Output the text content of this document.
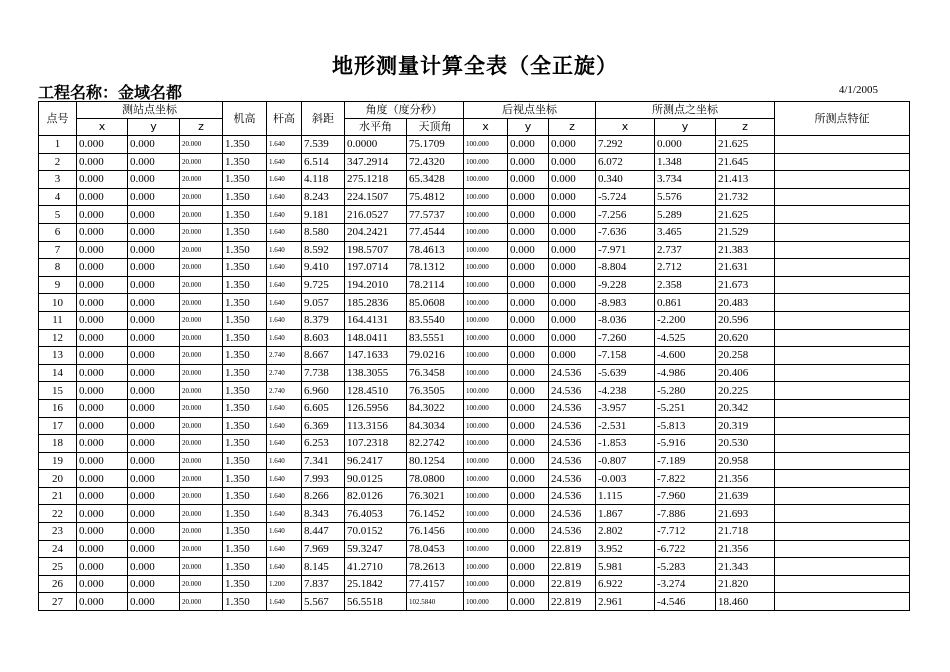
地形测量计算全表（全正旋）
工程名称：金域名都	4/1/2005
点号	测站点坐标			机高	杆高	斜距	角度（度分秒）		后视点坐标			所测点之坐标			所测点特征
	x	y	z				水平角	天顶角	x	y	z	x	y	z	
1	0.000	0.000	20.000	1.350	1.640	7.539	0.0000	75.1709	100.000	0.000	0.000	7.292	0.000	21.625	
2	0.000	0.000	20.000	1.350	1.640	6.514	347.2914	72.4320	100.000	0.000	0.000	6.072	1.348	21.645	
3	0.000	0.000	20.000	1.350	1.640	4.118	275.1218	65.3428	100.000	0.000	0.000	0.340	3.734	21.413	
4	0.000	0.000	20.000	1.350	1.640	8.243	224.1507	75.4812	100.000	0.000	0.000	-5.724	5.576	21.732	
5	0.000	0.000	20.000	1.350	1.640	9.181	216.0527	77.5737	100.000	0.000	0.000	-7.256	5.289	21.625	
6	0.000	0.000	20.000	1.350	1.640	8.580	204.2421	77.4544	100.000	0.000	0.000	-7.636	3.465	21.529	
7	0.000	0.000	20.000	1.350	1.640	8.592	198.5707	78.4613	100.000	0.000	0.000	-7.971	2.737	21.383	
8	0.000	0.000	20.000	1.350	1.640	9.410	197.0714	78.1312	100.000	0.000	0.000	-8.804	2.712	21.631	
9	0.000	0.000	20.000	1.350	1.640	9.725	194.2010	78.2114	100.000	0.000	0.000	-9.228	2.358	21.673	
10	0.000	0.000	20.000	1.350	1.640	9.057	185.2836	85.0608	100.000	0.000	0.000	-8.983	0.861	20.483	
11	0.000	0.000	20.000	1.350	1.640	8.379	164.4131	83.5540	100.000	0.000	0.000	-8.036	-2.200	20.596	
12	0.000	0.000	20.000	1.350	1.640	8.603	148.0411	83.5551	100.000	0.000	0.000	-7.260	-4.525	20.620	
13	0.000	0.000	20.000	1.350	2.740	8.667	147.1633	79.0216	100.000	0.000	0.000	-7.158	-4.600	20.258	
14	0.000	0.000	20.000	1.350	2.740	7.738	138.3055	76.3458	100.000	0.000	24.536	-5.639	-4.986	20.406	
15	0.000	0.000	20.000	1.350	2.740	6.960	128.4510	76.3505	100.000	0.000	24.536	-4.238	-5.280	20.225	
16	0.000	0.000	20.000	1.350	1.640	6.605	126.5956	84.3022	100.000	0.000	24.536	-3.957	-5.251	20.342	
17	0.000	0.000	20.000	1.350	1.640	6.369	113.3156	84.3034	100.000	0.000	24.536	-2.531	-5.813	20.319	
18	0.000	0.000	20.000	1.350	1.640	6.253	107.2318	82.2742	100.000	0.000	24.536	-1.853	-5.916	20.530	
19	0.000	0.000	20.000	1.350	1.640	7.341	96.2417	80.1254	100.000	0.000	24.536	-0.807	-7.189	20.958	
20	0.000	0.000	20.000	1.350	1.640	7.993	90.0125	78.0800	100.000	0.000	24.536	-0.003	-7.822	21.356	
21	0.000	0.000	20.000	1.350	1.640	8.266	82.0126	76.3021	100.000	0.000	24.536	1.115	-7.960	21.639	
22	0.000	0.000	20.000	1.350	1.640	8.343	76.4053	76.1452	100.000	0.000	24.536	1.867	-7.886	21.693	
23	0.000	0.000	20.000	1.350	1.640	8.447	70.0152	76.1456	100.000	0.000	24.536	2.802	-7.712	21.718	
24	0.000	0.000	20.000	1.350	1.640	7.969	59.3247	78.0453	100.000	0.000	22.819	3.952	-6.722	21.356	
25	0.000	0.000	20.000	1.350	1.640	8.145	41.2710	78.2613	100.000	0.000	22.819	5.981	-5.283	21.343	
26	0.000	0.000	20.000	1.350	1.200	7.837	25.1842	77.4157	100.000	0.000	22.819	6.922	-3.274	21.820	
27	0.000	0.000	20.000	1.350	1.640	5.567	56.5518	102.5840	100.000	0.000	22.819	2.961	-4.546	18.460	
